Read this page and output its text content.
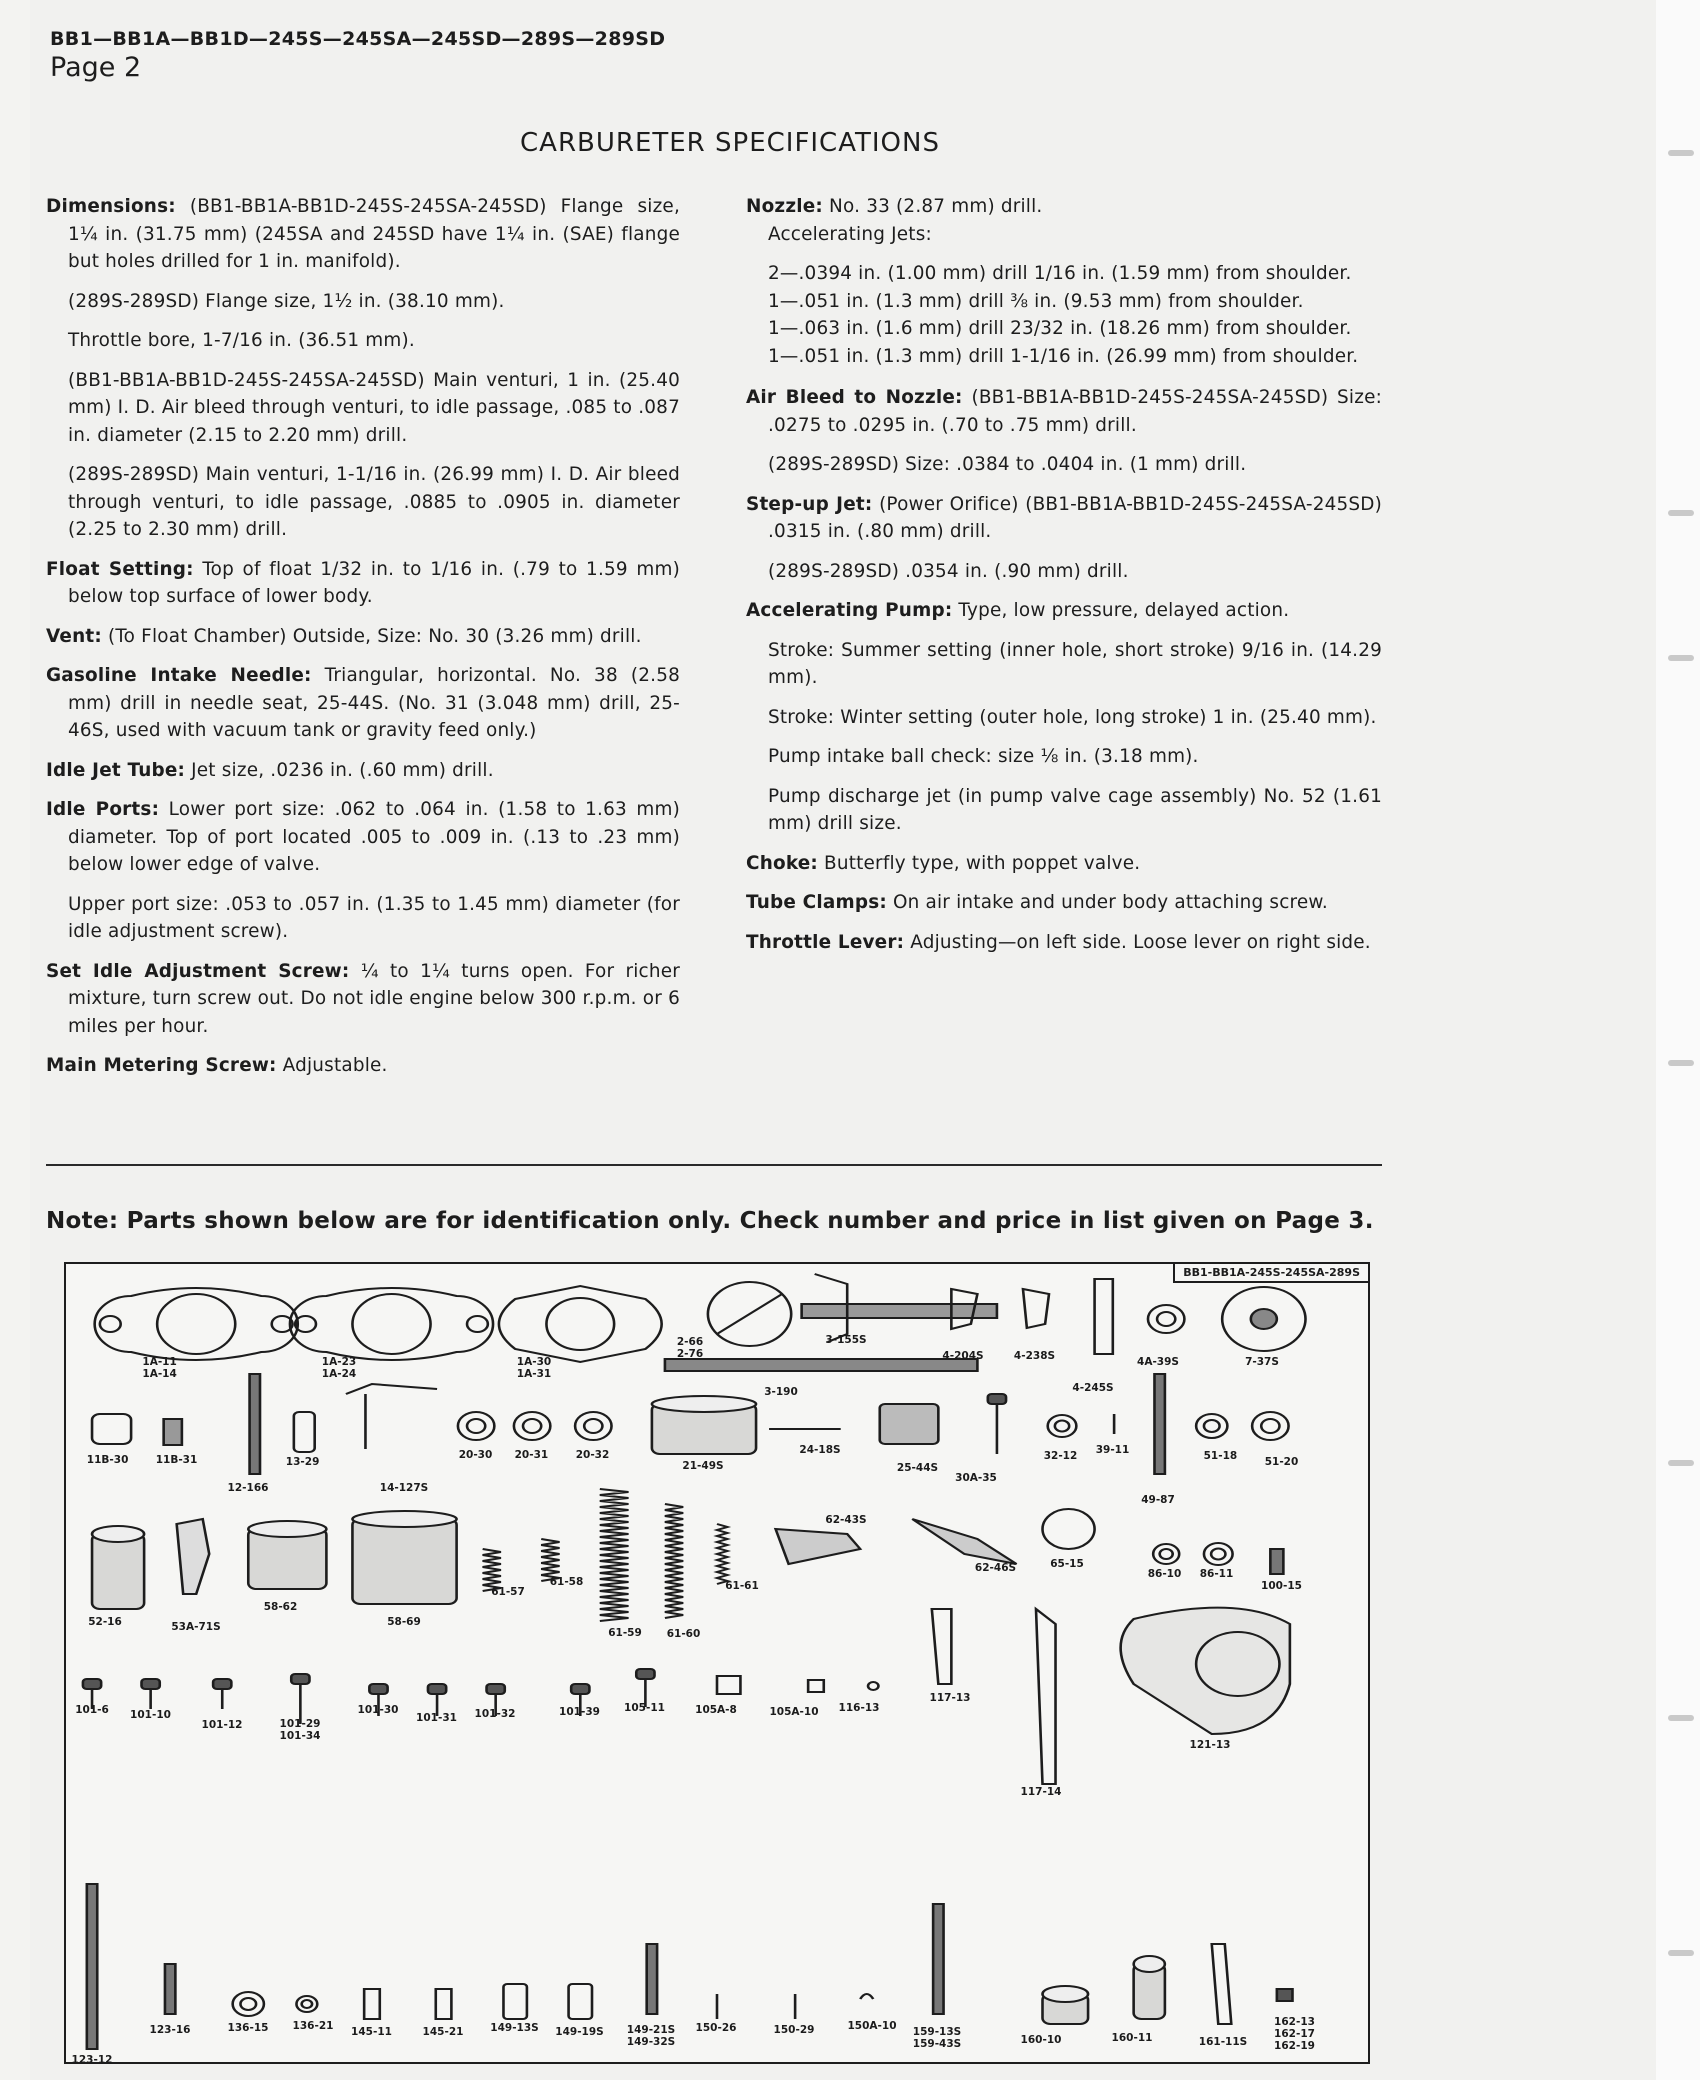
BB1—BB1A—BB1D—245S—245SA—245SD—289S—289SD
Page 2
CARBURETER SPECIFICATIONS

Dimensions: (BB1-BB1A-BB1D-245S-245SA-245SD) Flange size, 1¼ in. (31.75 mm) (245SA and 245SD have 1¼ in. (SAE) flange but holes drilled for 1 in. manifold).

(289S-289SD) Flange size, 1½ in. (38.10 mm).

Throttle bore, 1-7/16 in. (36.51 mm).

(BB1-BB1A-BB1D-245S-245SA-245SD) Main venturi, 1 in. (25.40 mm) I. D. Air bleed through venturi, to idle passage, .085 to .087 in. diameter (2.15 to 2.20 mm) drill.

(289S-289SD) Main venturi, 1-1/16 in. (26.99 mm) I. D. Air bleed through venturi, to idle passage, .0885 to .0905 in. diameter (2.25 to 2.30 mm) drill.

Float Setting: Top of float 1/32 in. to 1/16 in. (.79 to 1.59 mm) below top surface of lower body.

Vent: (To Float Chamber) Outside, Size: No. 30 (3.26 mm) drill.

Gasoline Intake Needle: Triangular, horizontal. No. 38 (2.58 mm) drill in needle seat, 25-44S. (No. 31 (3.048 mm) drill, 25-46S, used with vacuum tank or gravity feed only.)

Idle Jet Tube: Jet size, .0236 in. (.60 mm) drill.

Idle Ports: Lower port size: .062 to .064 in. (1.58 to 1.63 mm) diameter. Top of port located .005 to .009 in. (.13 to .23 mm) below lower edge of valve.

Upper port size: .053 to .057 in. (1.35 to 1.45 mm) diameter (for idle adjustment screw).

Set Idle Adjustment Screw: ¼ to 1¼ turns open. For richer mixture, turn screw out. Do not idle engine below 300 r.p.m. or 6 miles per hour.

Main Metering Screw: Adjustable.

Nozzle: No. 33 (2.87 mm) drill.

Accelerating Jets:

2—.0394 in. (1.00 mm) drill 1/16 in. (1.59 mm) from shoulder.
1—.051 in. (1.3 mm) drill ⅜ in. (9.53 mm) from shoulder.
1—.063 in. (1.6 mm) drill 23/32 in. (18.26 mm) from shoulder.
1—.051 in. (1.3 mm) drill 1-1/16 in. (26.99 mm) from shoulder.

Air Bleed to Nozzle: (BB1-BB1A-BB1D-245S-245SA-245SD) Size: .0275 to .0295 in. (.70 to .75 mm) drill.

(289S-289SD) Size: .0384 to .0404 in. (1 mm) drill.

Step-up Jet: (Power Orifice) (BB1-BB1A-BB1D-245S-245SA-245SD) .0315 in. (.80 mm) drill.

(289S-289SD) .0354 in. (.90 mm) drill.

Accelerating Pump: Type, low pressure, delayed action.

Stroke: Summer setting (inner hole, short stroke) 9/16 in. (14.29 mm).

Stroke: Winter setting (outer hole, long stroke) 1 in. (25.40 mm).

Pump intake ball check: size ⅛ in. (3.18 mm).

Pump discharge jet (in pump valve cage assembly) No. 52 (1.61 mm) drill size.

Choke: Butterfly type, with poppet valve.

Tube Clamps: On air intake and under body attaching screw.

Throttle Lever: Adjusting—on left side. Loose lever on right side.

Note: Parts shown below are for identification only. Check number and price in list given on Page 3.
BB1-BB1A-245S-245SA-289S
1A-11
1A-14
1A-23
1A-24
1A-30
1A-31
2-66
2-76
3-155S
3-190
4-204S	4-238S
4-245S
4A-39S	7-37S
11B-30	11B-31
12-166
13-29
14-127S
20-30 20-31	20-32
21-49S
24-18S
25-44S
30A-35
32-12 39-11
49-87
51-18	51-20
52-16	53A-71S
58-62
58-69
61-57
61-58
61-59 61-60
61-61
62-43S
62-46S	65-15
86-10 86-11
100-15
101-6 101-10
101-12	101-29
101-34
101-30
101-31 101-32	101-39 105-11	105A-8	105A-10 116-13
117-13
117-14
121-13
123-12
123-16	136-15 136-21 145-11	145-21	149-13S 149-19S 149-21S
149-32S
150-26	150-29	150A-10 159-13S
159-43S	160-10	160-11	161-11S
162-13
162-17
162-19
